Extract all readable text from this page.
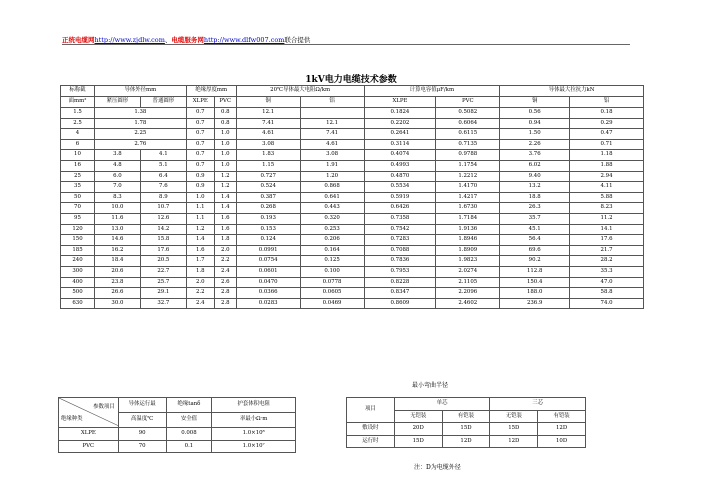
正统电缆网http://www.zjdlw.com、电缆服务网http://www.dlfw007.com联合提供
1kV电力电缆技术参数
标称截	导体外径mm		绝缘厚度mm		20℃导体最大电阻Ω/km		计算电容值μF/km		导体最大拉抗力kN	
面mm²	紧压圆形	普通圆形	XLPE	PVC	铜	铝	XLPE	PVC	铜	铝
1.5	1.38		0.7	0.8	12.1		0.1824	0.5082	0.56	0.18
2.5	1.78		0.7	0.8	7.41	12.1	0.2202	0.6064	0.94	0.29
4	2.25		0.7	1.0	4.61	7.41	0.2641	0.6115	1.50	0.47
6	2.76		0.7	1.0	3.08	4.61	0.3114	0.7135	2.26	0.71
10	3.8	4.1	0.7	1.0	1.83	3.08	0.4074	0.9788	3.76	1.18
16	4.8	5.1	0.7	1.0	1.15	1.91	0.4993	1.1754	6.02	1.88
25	6.0	6.4	0.9	1.2	0.727	1.20	0.4870	1.2212	9.40	2.94
35	7.0	7.6	0.9	1.2	0.524	0.868	0.5534	1.4170	13.2	4.11
50	8.3	8.9	1.0	1.4	0.387	0.641	0.5919	1.4217	18.8	5.88
70	10.0	10.7	1.1	1.4	0.268	0.443	0.6426	1.6730	26.3	8.23
95	11.6	12.6	1.1	1.6	0.193	0.320	0.7358	1.7184	35.7	11.2
120	13.0	14.2	1.2	1.6	0.153	0.253	0.7542	1.9136	45.1	14.1
150	14.6	15.8	1.4	1.8	0.124	0.206	0.7283	1.8946	56.4	17.6
185	16.2	17.6	1.6	2.0	0.0991	0.164	0.7088	1.8909	69.6	21.7
240	18.4	20.5	1.7	2.2	0.0754	0.125	0.7836	1.9823	90.2	28.2
300	20.6	22.7	1.8	2.4	0.0601	0.100	0.7953	2.0274	112.8	35.3
400	23.8	25.7	2.0	2.6	0.0470	0.0778	0.8228	2.1105	150.4	47.0
500	26.6	29.1	2.2	2.8	0.0366	0.0605	0.8347	2.2096	188.0	58.8
630	30.0	32.7	2.4	2.8	0.0283	0.0469	0.8609	2.4602	236.9	74.0
最小弯曲半径
参数项目
绝缘种类	导体运行最	绝缘tanδ	护套体积电阻
	高温度℃	安全值	率最小Ω·m
XLPE	90	0.008	1.0×10⁸
PVC	70	0.1	1.0×10⁷
项目	单芯		三芯	
	无铠装	有铠装	无铠装	有铠装
敷设时	20D	15D	15D	12D
运行时	15D	12D	12D	10D
注：D为电缆外径
